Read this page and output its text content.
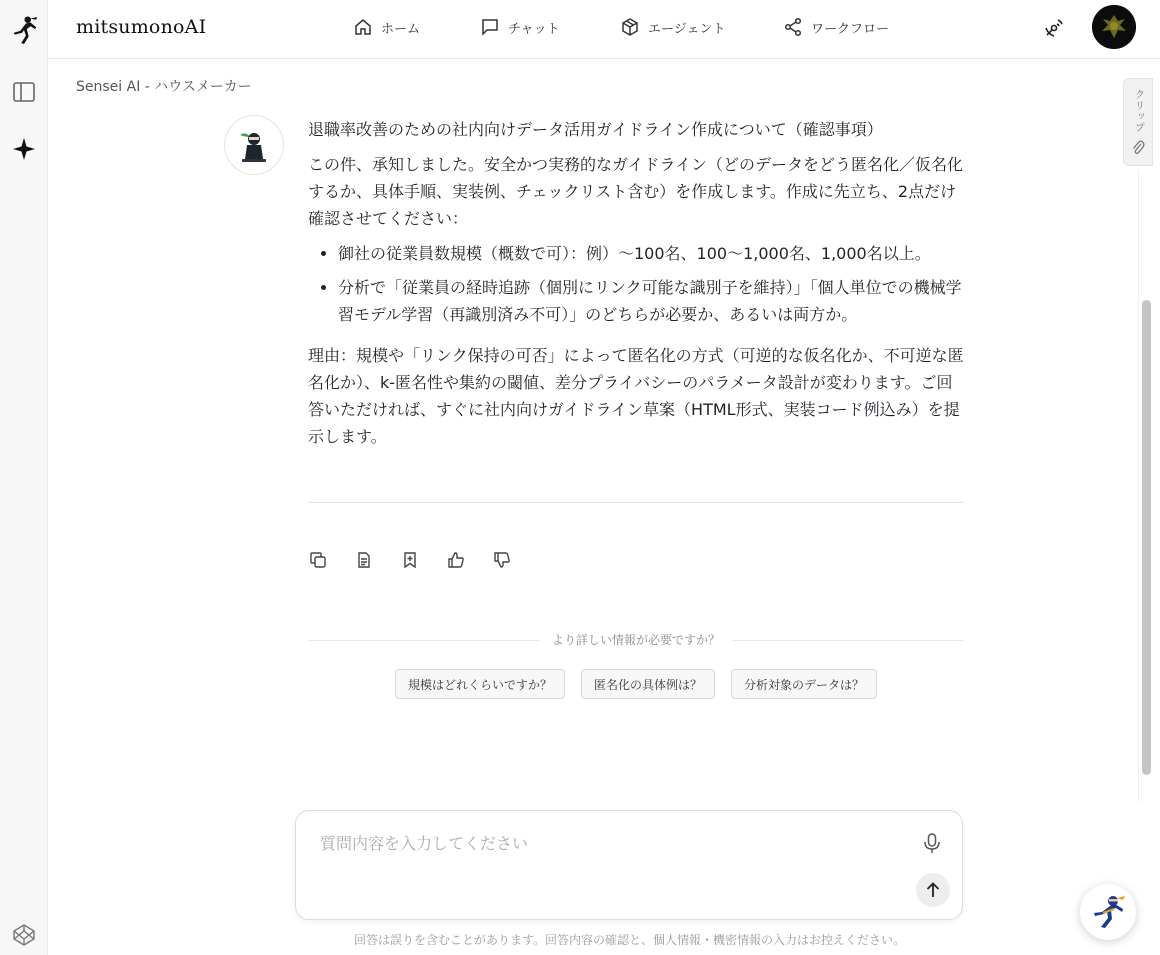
mitsumonoAI	ホーム	チャット	エージェント	ワークフロー
Sensei AI - ハウスメーカー

退職率改善のための社内向けデータ活用ガイドライン作成について（確認事項）

この件、承知しました。安全かつ実務的なガイドライン（どのデータをどう匿名化／仮名化するか、具体手順、実装例、チェックリスト含む）を作成します。作成に先立ち、2点だけ確認させてください：

• 御社の従業員数規模（概数で可）：例）〜100名、100〜1,000名、1,000名以上。
• 分析で「従業員の経時追跡（個別にリンク可能な識別子を維持）」「個人単位での機械学習モデル学習（再識別済み不可）」のどちらが必要か、あるいは両方か。

理由：規模や「リンク保持の可否」によって匿名化の方式（可逆的な仮名化か、不可逆な匿名化か）、k-匿名性や集約の閾値、差分プライバシーのパラメータ設計が変わります。ご回答いただければ、すぐに社内向けガイドライン草案（HTML形式、実装コード例込み）を提示します。

より詳しい情報が必要ですか？
規模はどれくらいですか？	匿名化の具体例は？	分析対象のデータは？
クリップ
質問内容を入力してください
回答は誤りを含むことがあります。回答内容の確認と、個人情報・機密情報の入力はお控えください。
